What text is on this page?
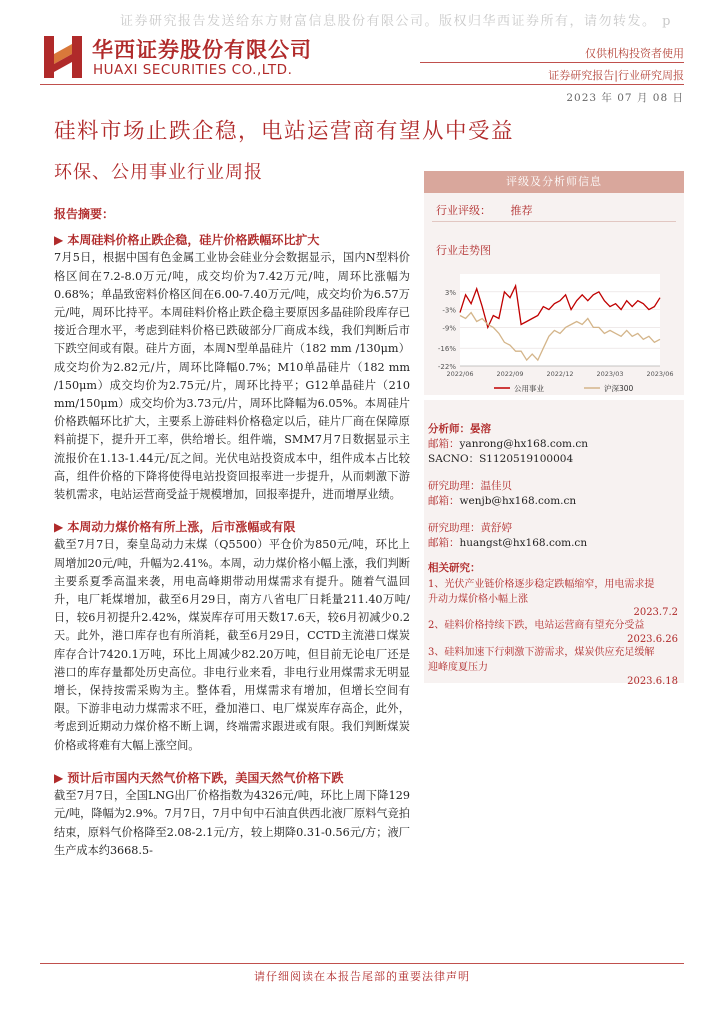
证券研究报告发送给东方财富信息股份有限公司。版权归华西证券所有，请勿转发。 p
华西证券股份有限公司
HUAXI SECURITIES CO.,LTD.
仅供机构投资者使用
证券研究报告|行业研究周报
2023 年 07 月 08 日
硅料市场止跌企稳，电站运营商有望从中受益
环保、公用事业行业周报
报告摘要：
▶ 本周硅料价格止跌企稳，硅片价格跌幅环比扩大

7月5日，根据中国有色金属工业协会硅业分会数据显示，国内N型料价格区间在7.2-8.0万元/吨，成交均价为7.42万元/吨，周环比涨幅为0.68%；单晶致密料价格区间在6.00-7.40万元/吨，成交均价为6.57万元/吨，周环比持平。本周硅料价格止跌企稳主要原因多晶硅阶段库存已接近合理水平，考虑到硅料价格已跌破部分厂商成本线，我们判断后市下跌空间或有限。硅片方面，本周N型单晶硅片（182 mm /130μm）成交均价为2.82元/片，周环比降幅0.7%；M10单晶硅片（182 mm /150μm）成交均价为2.75元/片，周环比持平；G12单晶硅片（210 mm/150μm）成交均价为3.73元/片，周环比降幅为6.05%。本周硅片价格跌幅环比扩大，主要系上游硅料价格稳定以后，硅片厂商在保障原料前提下，提升开工率，供给增长。组件端，SMM7月7日数据显示主流报价在1.13-1.44元/瓦之间。光伏电站投资成本中，组件成本占比较高，组件价格的下降将使得电站投资回报率进一步提升，从而刺激下游装机需求，电站运营商受益于规模增加，回报率提升，进而增厚业绩。

▶ 本周动力煤价格有所上涨，后市涨幅或有限

截至7月7日，秦皇岛动力末煤（Q5500）平仓价为850元/吨，环比上周增加20元/吨，升幅为2.41%。本周，动力煤价格小幅上涨，我们判断主要系夏季高温来袭，用电高峰期带动用煤需求有提升。随着气温回升，电厂耗煤增加，截至6月29日，南方八省电厂日耗量211.40万吨/日，较6月初提升2.42%，煤炭库存可用天数17.6天，较6月初减少0.2天。此外，港口库存也有所消耗，截至6月29日，CCTD主流港口煤炭库存合计7420.1万吨，环比上周减少82.20万吨，但目前无论电厂还是港口的库存量都处历史高位。非电行业来看，非电行业用煤需求无明显增长，保持按需采购为主。整体看，用煤需求有增加，但增长空间有限。下游非电动力煤需求不旺，叠加港口、电厂煤炭库存高企，此外，考虑到近期动力煤价格不断上调，终端需求跟进或有限。我们判断煤炭价格或将难有大幅上涨空间。

▶ 预计后市国内天然气价格下跌，美国天然气价格下跌

截至7月7日，全国LNG出厂价格指数为4326元/吨，环比上周下降129元/吨，降幅为2.9%。7月7日，7月中旬中石油直供西北液厂原料气竞拍结束，原料气价格降至2.08-2.1元/方，较上期降0.31-0.56元/方；液厂生产成本约3668.5-

评级及分析师信息
行业评级： 推荐
行业走势图
3%
-3%
-9%
-16%
-22%
2022/06	2022/09	2022/12	2023/03	2023/06
公用事业	沪深300
分析师：晏溶
邮箱：yanrong@hx168.com.cn
SACNO：S1120519100004
研究助理：温佳贝
邮箱：wenjb@hx168.com.cn
研究助理：黄舒婷
邮箱：huangst@hx168.com.cn
相关研究：
1、光伏产业链价格逐步稳定跌幅缩窄，用电需求提
升动力煤价格小幅上涨
2023.7.2
2、硅料价格持续下跌，电站运营商有望充分受益
2023.6.26
3、硅料加速下行刺激下游需求，煤炭供应充足缓解
迎峰度夏压力
2023.6.18
请仔细阅读在本报告尾部的重要法律声明
